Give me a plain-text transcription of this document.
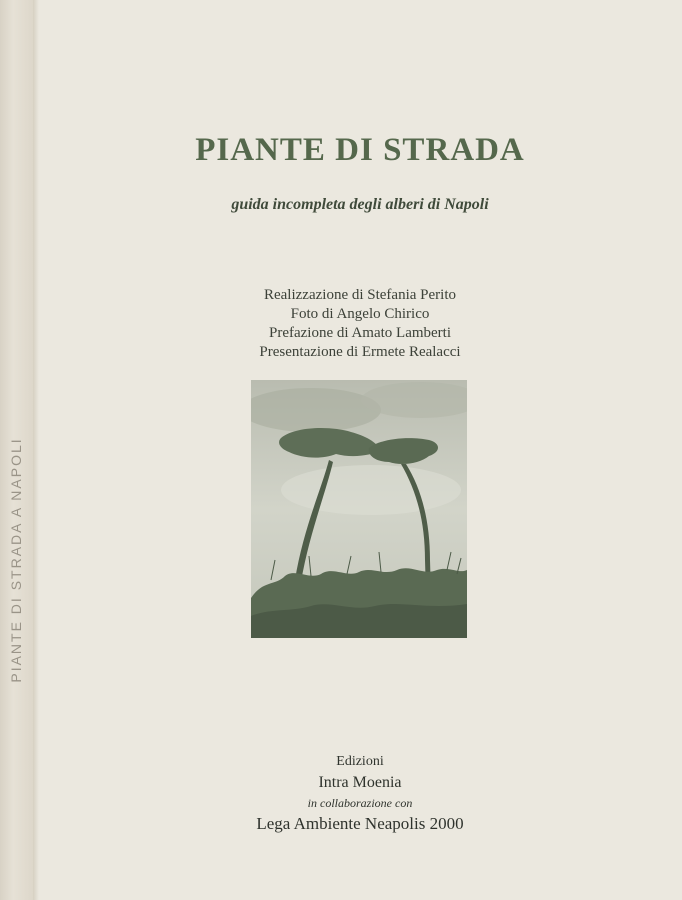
PIANTE DI STRADA A NAPOLI
PIANTE DI STRADA
guida incompleta degli alberi di Napoli
Realizzazione di Stefania Perito
Foto di Angelo Chirico
Prefazione di Amato Lamberti
Presentazione di Ermete Realacci
Edizioni
Intra Moenia
in collaborazione con
Lega Ambiente Neapolis 2000
